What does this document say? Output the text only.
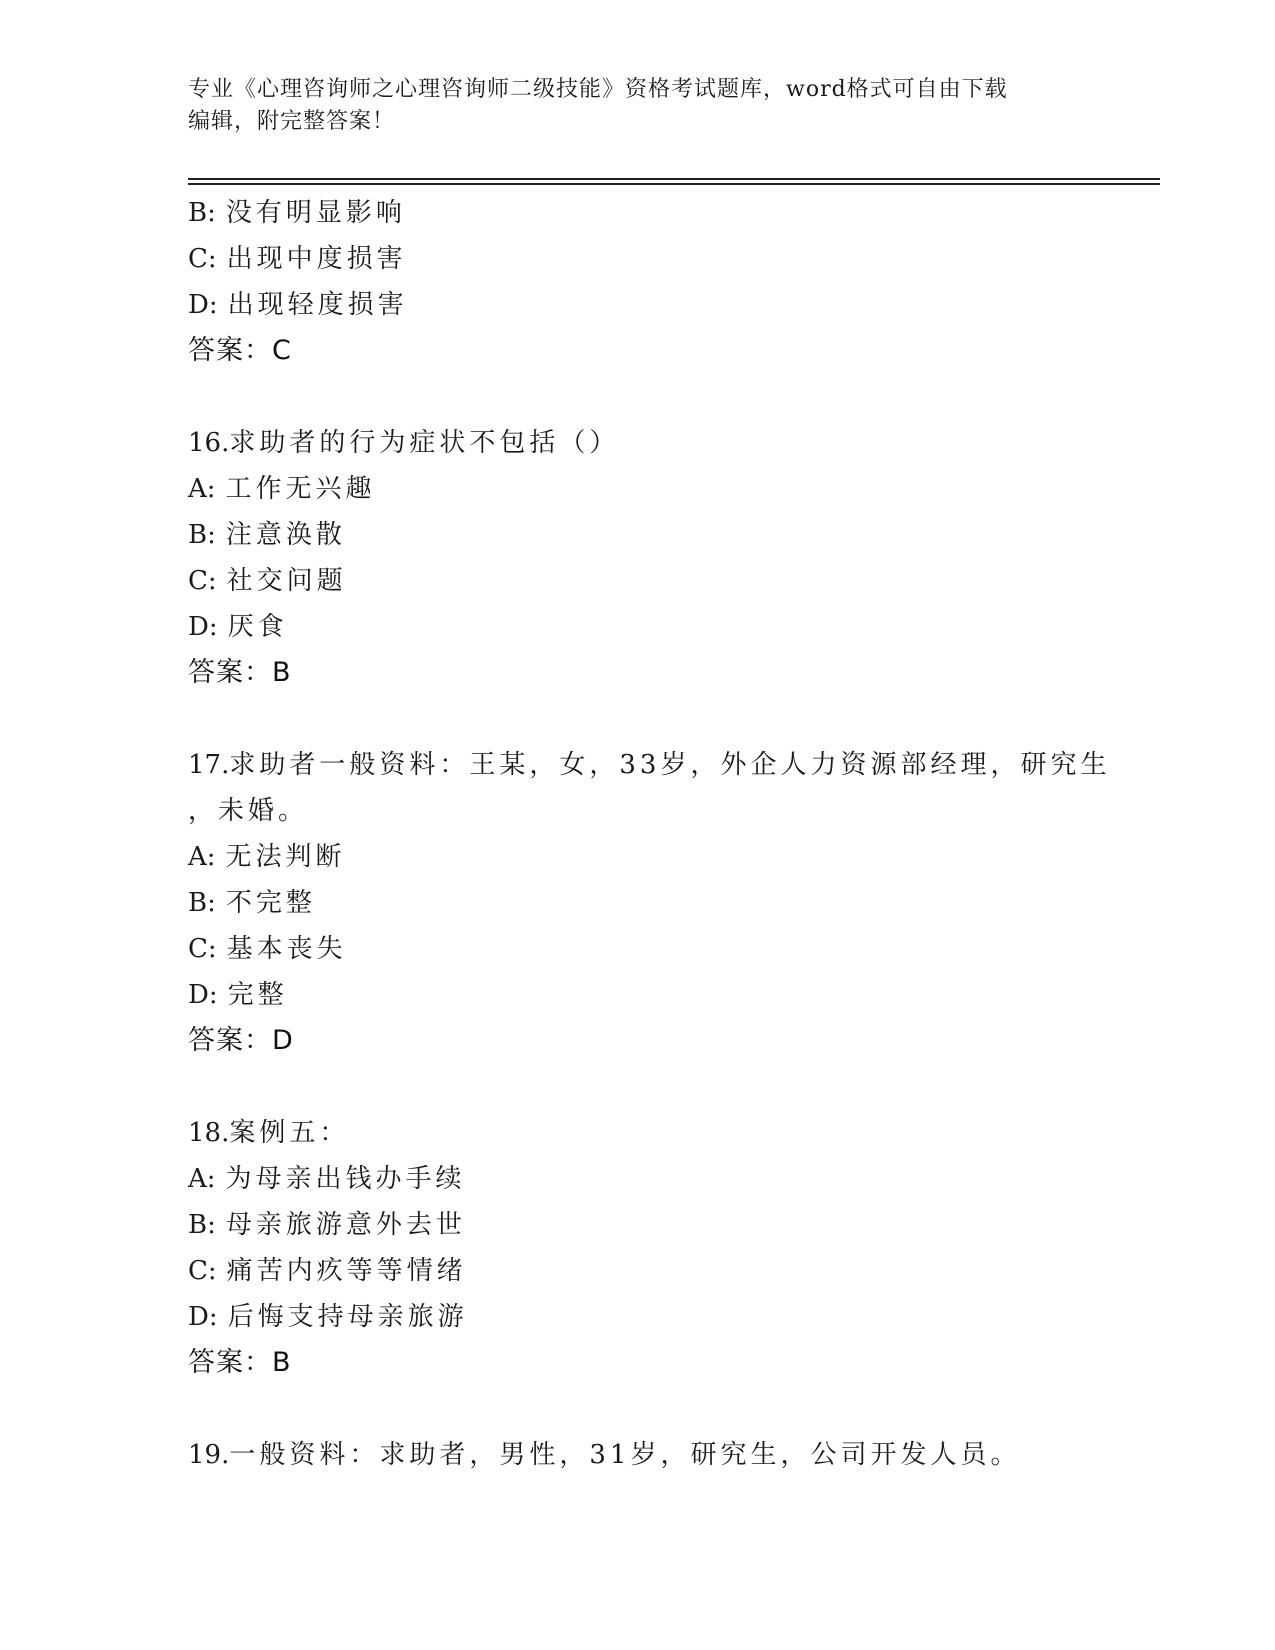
专业《心理咨询师之心理咨询师二级技能》资格考试题库，word格式可自由下载
编辑，附完整答案！
B: 没有明显影响
C: 出现中度损害
D: 出现轻度损害
答案：C
16.求助者的行为症状不包括（）
A: 工作无兴趣
B: 注意涣散
C: 社交问题
D: 厌食
答案：B
17.求助者一般资料：王某，女，33岁，外企人力资源部经理，研究生
，未婚。
A: 无法判断
B: 不完整
C: 基本丧失
D: 完整
答案：D
18.案例五：
A: 为母亲出钱办手续
B: 母亲旅游意外去世
C: 痛苦内疚等等情绪
D: 后悔支持母亲旅游
答案：B
19.一般资料：求助者，男性，31岁，研究生，公司开发人员。
